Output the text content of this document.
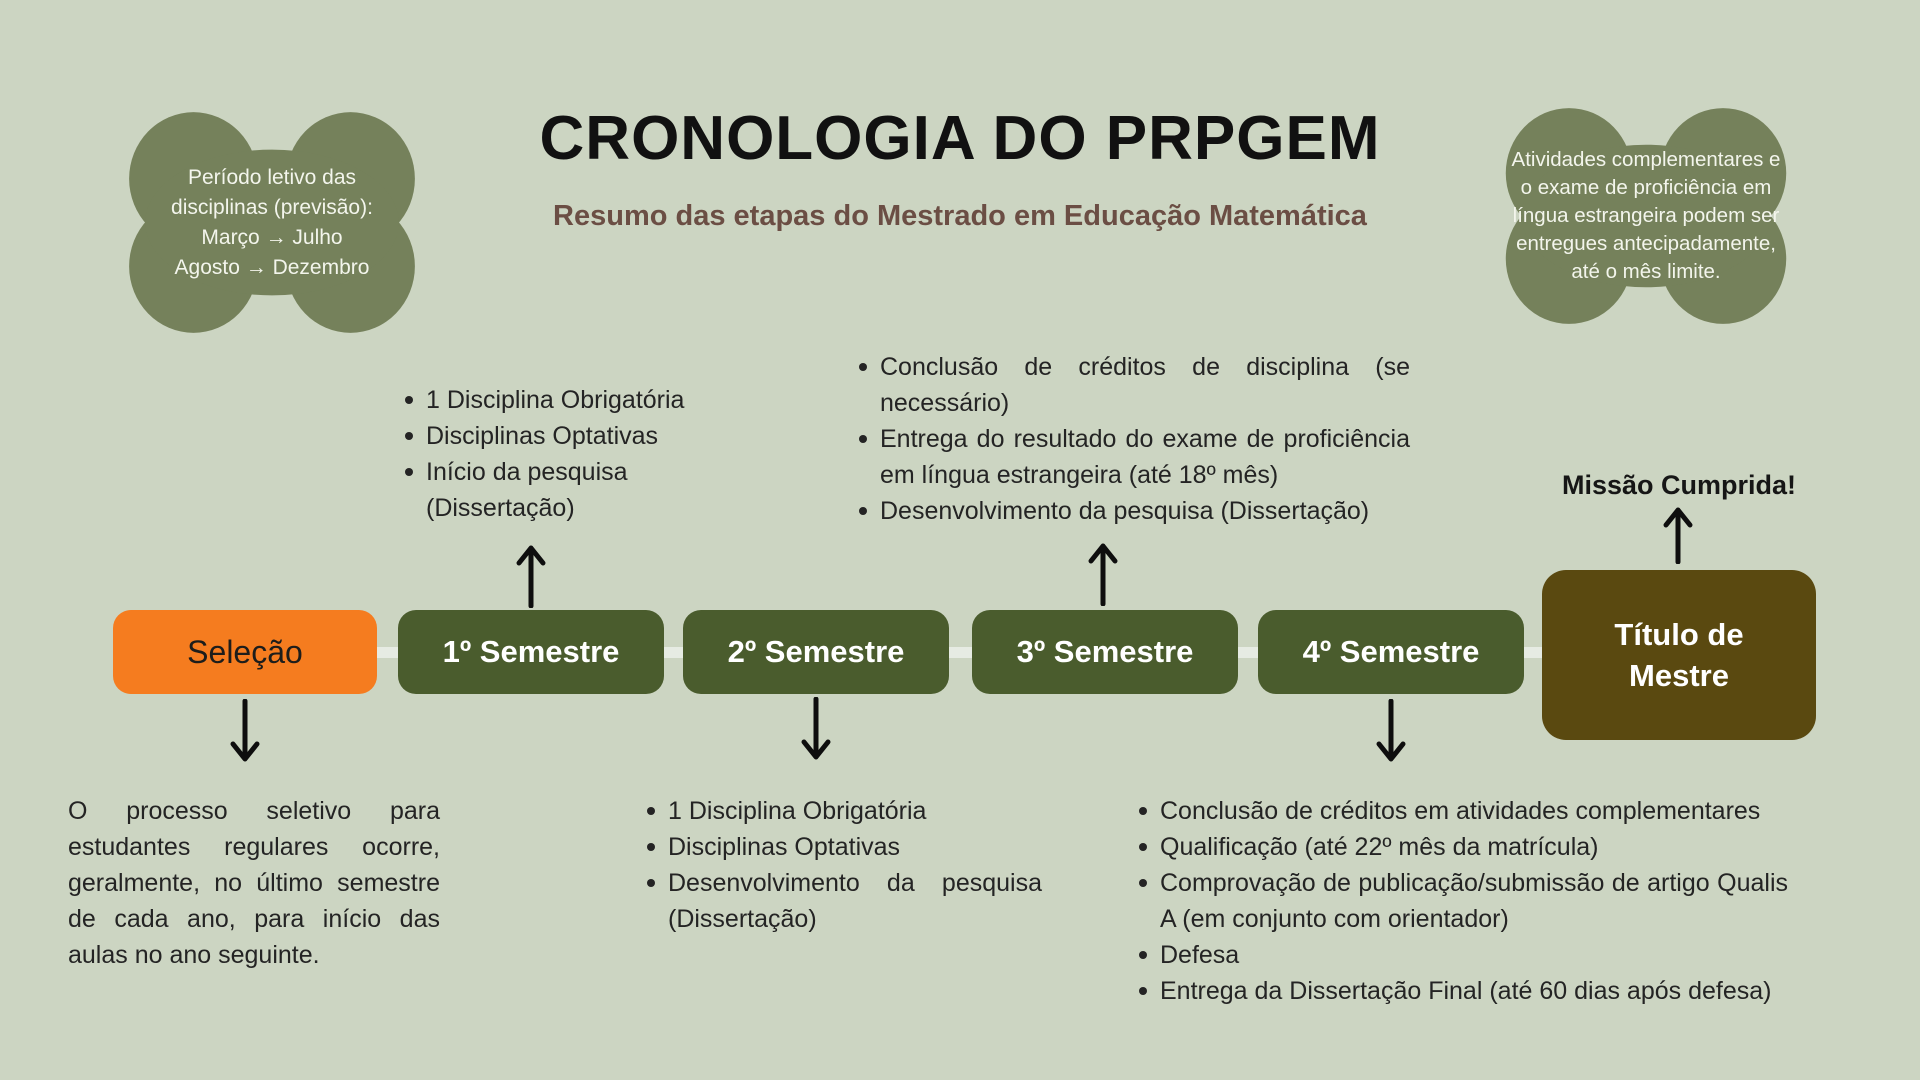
CRONOLOGIA DO PRPGEM
Resumo das etapas do Mestrado em Educação Matemática
Período letivo das disciplinas (previsão):
Março → Julho
Agosto → Dezembro
Atividades complementares e o exame de proficiência em língua estrangeira podem ser entregues antecipadamente, até o mês limite.
Seleção	1º Semestre	2º Semestre	3º Semestre	4º Semestre	Título de Mestre
1 Disciplina Obrigatória
Disciplinas Optativas
Início da pesquisa (Dissertação)
Conclusão de créditos de disciplina (se necessário)
Entrega do resultado do exame de proficiência em língua estrangeira (até 18º mês)
Desenvolvimento da pesquisa (Dissertação)
Missão Cumprida!
O processo seletivo para estudantes regulares ocorre, geralmente, no último semestre de cada ano, para início das aulas no ano seguinte.
1 Disciplina Obrigatória
Disciplinas Optativas
Desenvolvimento da pesquisa (Dissertação)
Conclusão de créditos em atividades complementares
Qualificação (até 22º mês da matrícula)
Comprovação de publicação/submissão de artigo Qualis A (em conjunto com orientador)
Defesa
Entrega da Dissertação Final (até 60 dias após defesa)
